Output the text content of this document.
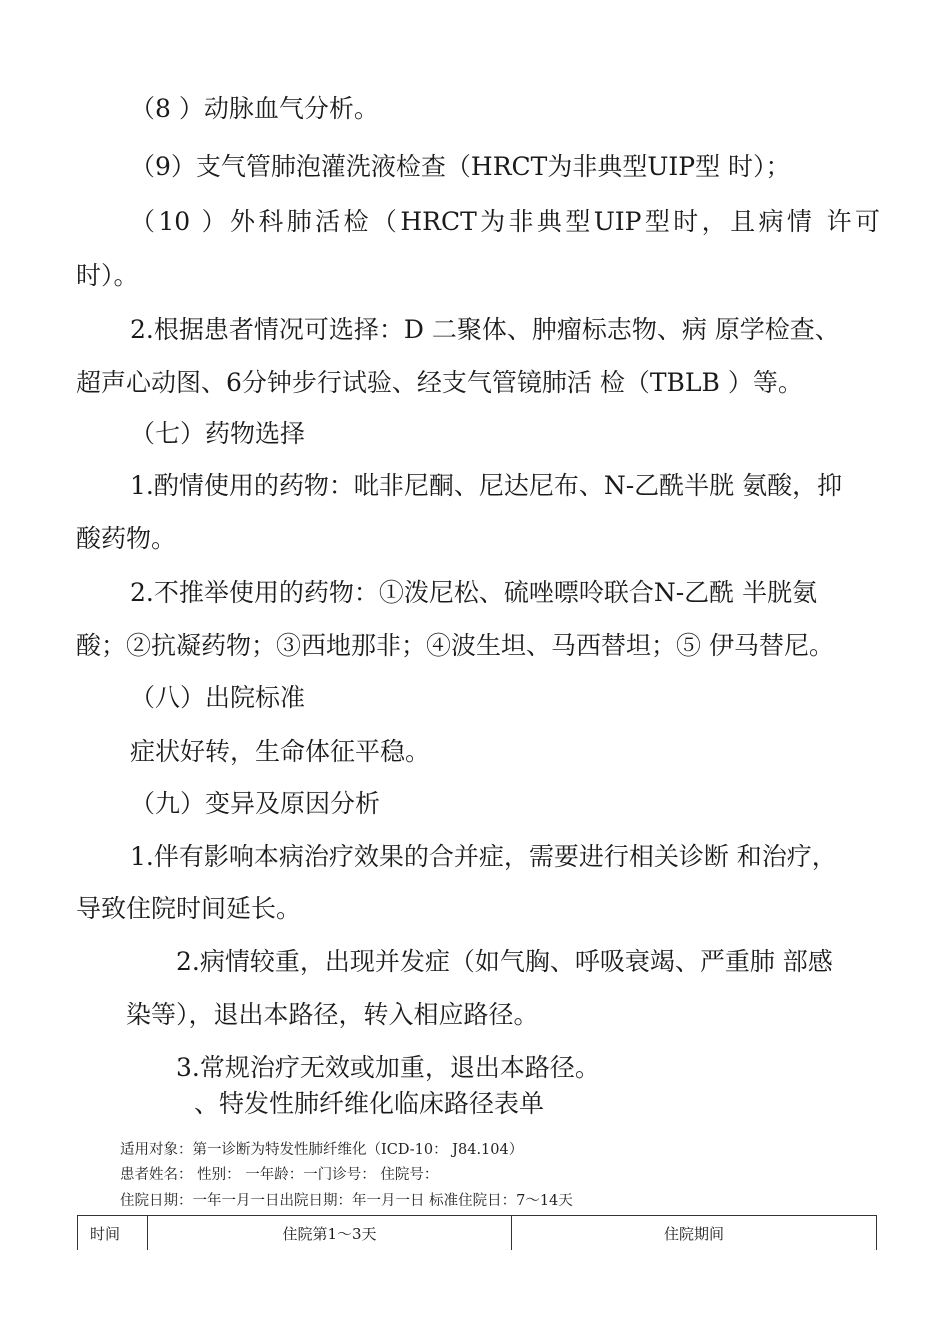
（8 ）动脉血气分析。
（9）支气管肺泡灌洗液检查（HRCT为非典型UIP型 时）；
（10 ）外科肺活检（HRCT为非典型UIP型时，且病情 许可
时）。
2.根据患者情况可选择：D 二聚体、肿瘤标志物、病 原学检查、
超声心动图、6分钟步行试验、经支气管镜肺活 检（TBLB ）等。
（七）药物选择
1.酌情使用的药物：吡非尼酮、尼达尼布、N-乙酰半胱 氨酸，抑
酸药物。
2.不推举使用的药物：①泼尼松、硫唑嘌呤联合N-乙酰 半胱氨
酸；②抗凝药物；③西地那非；④波生坦、马西替坦；⑤ 伊马替尼。
（八）出院标准
症状好转，生命体征平稳。
（九）变异及原因分析
1.伴有影响本病治疗效果的合并症，需要进行相关诊断 和治疗，
导致住院时间延长。
2.病情较重，出现并发症（如气胸、呼吸衰竭、严重肺 部感
染等），退出本路径，转入相应路径。
3.常规治疗无效或加重，退出本路径。
、特发性肺纤维化临床路径表单
适用对象：第一诊断为特发性肺纤维化（ICD-10： J84.104）
患者姓名： 性别： 一年龄：一门诊号： 住院号：
住院日期：一年一月一日出院日期：年一月一日 标准住院日：7～14天
时间	住院第1～3天	住院期间
